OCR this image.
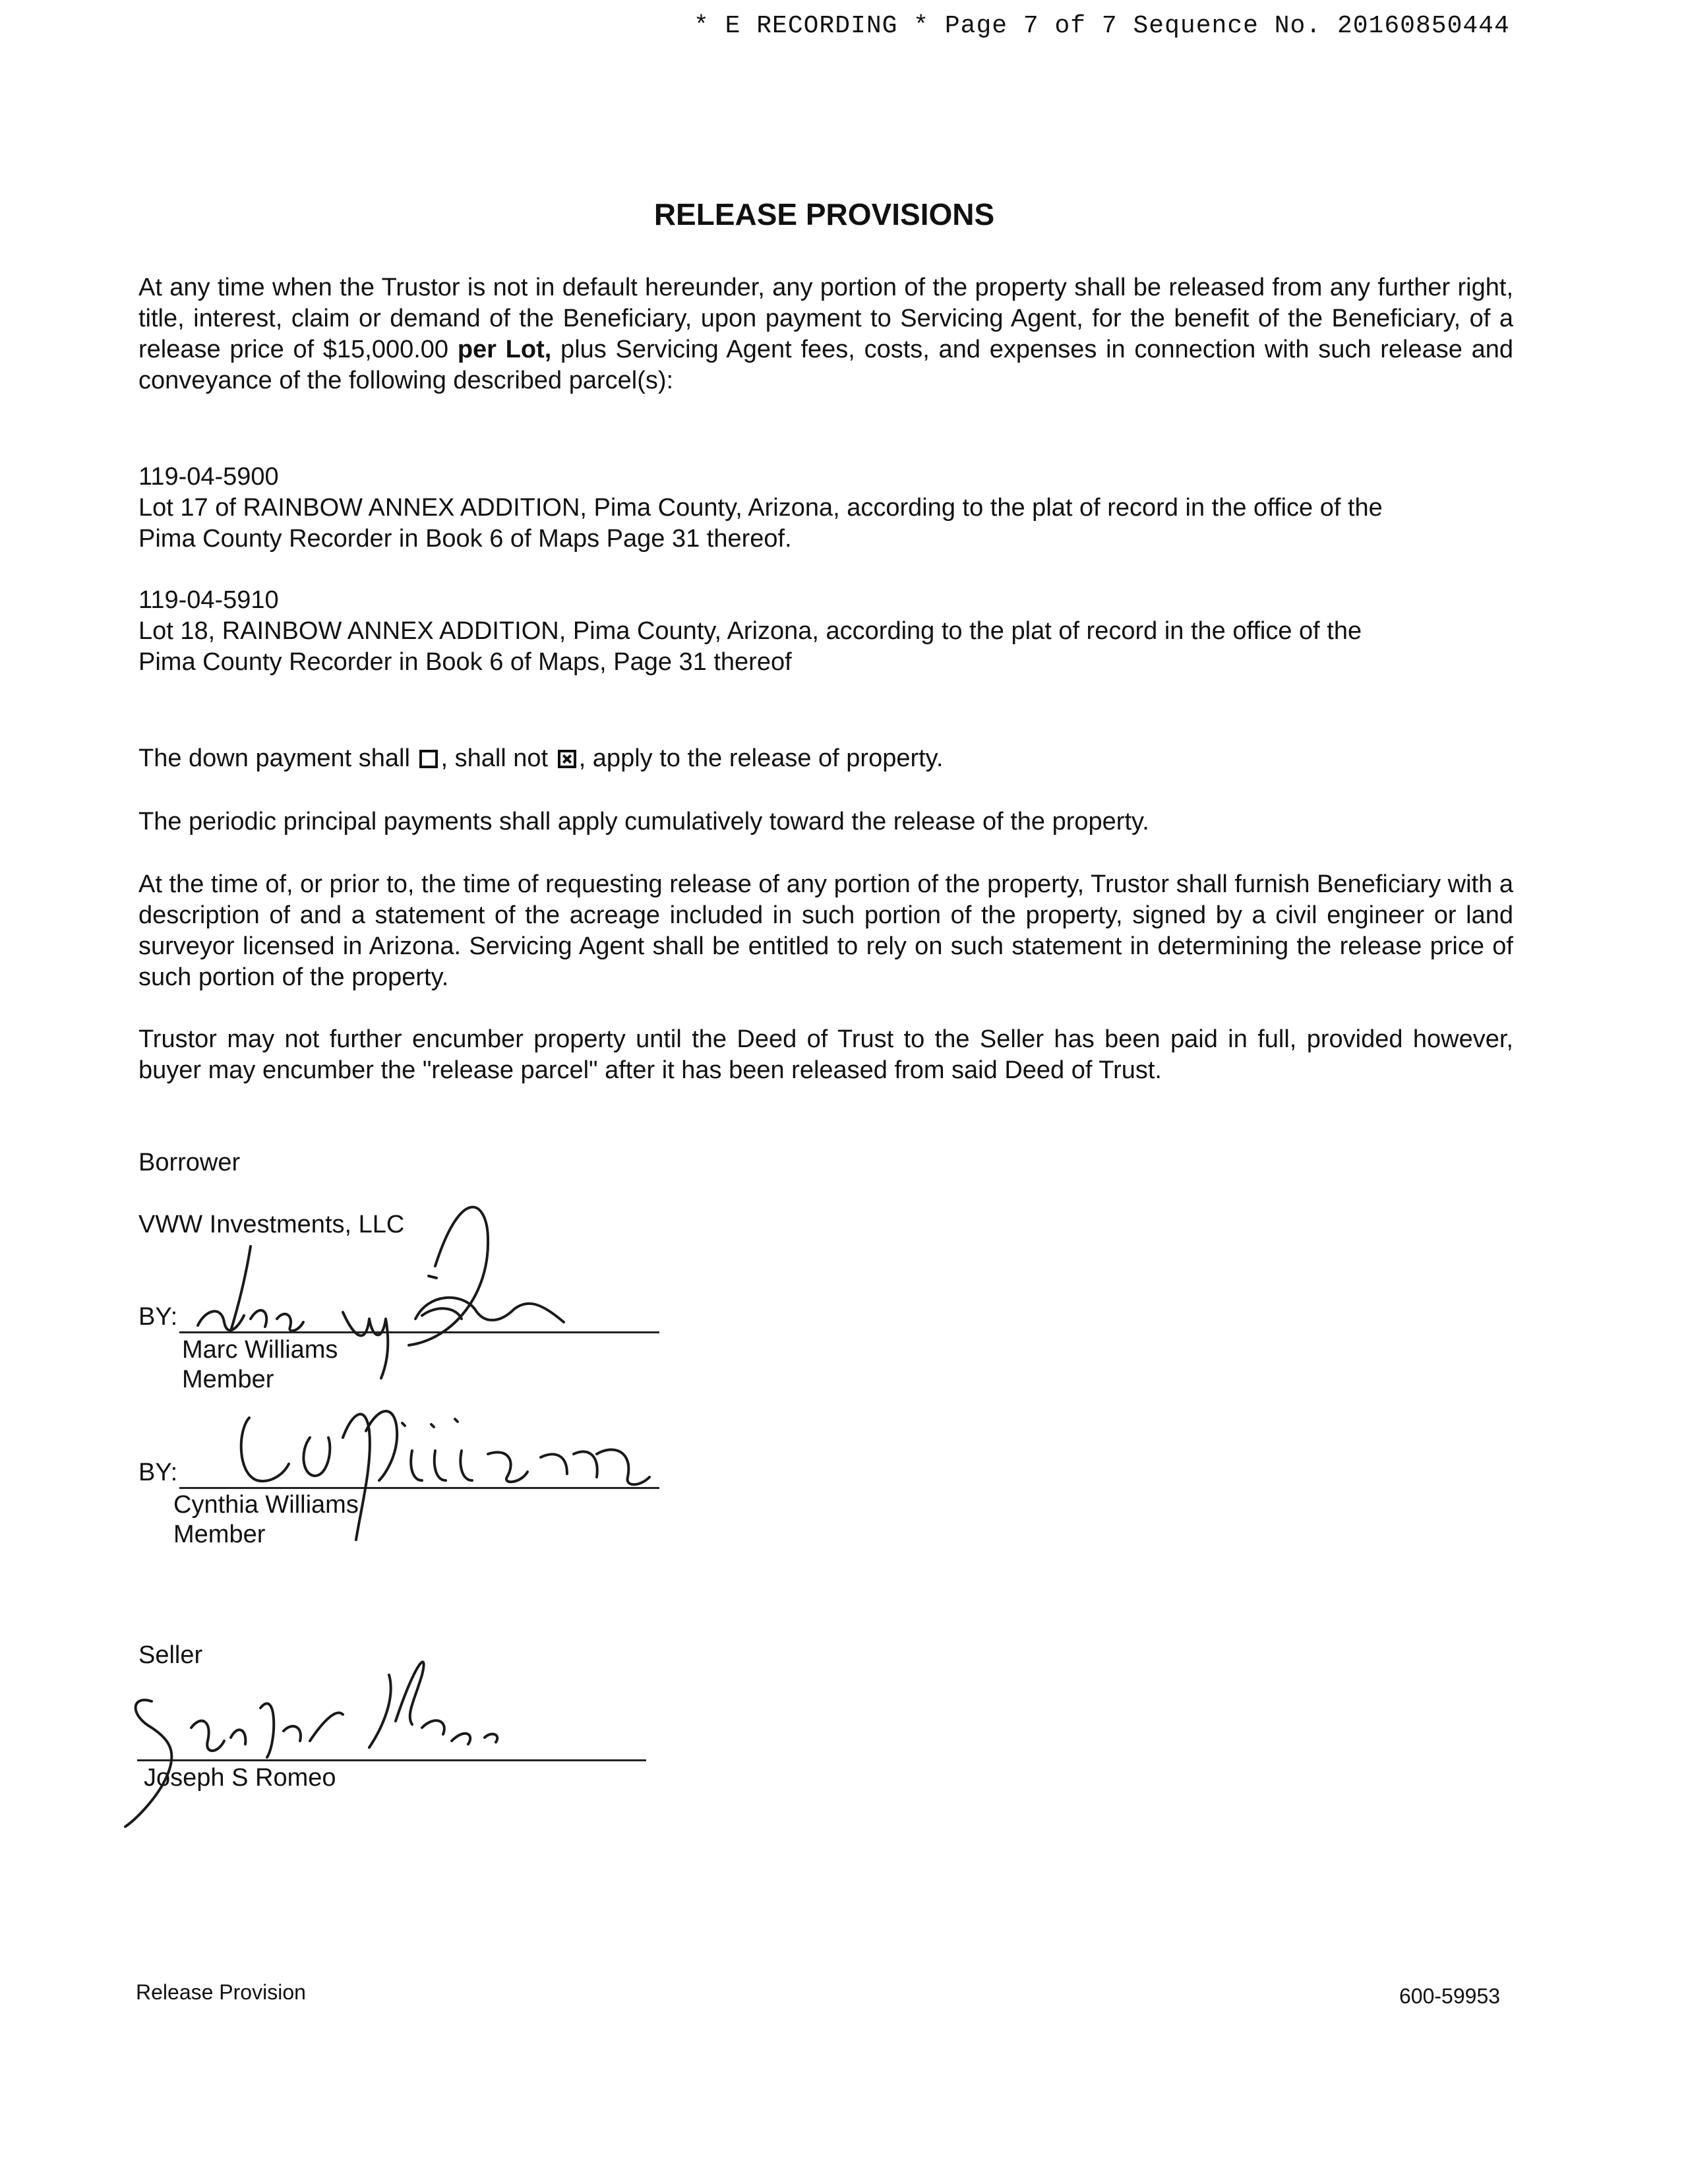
* E RECORDING * Page 7 of 7 Sequence No. 20160850444
RELEASE PROVISIONS
At any time when the Trustor is not in default hereunder, any portion of the property shall be released from any further right, title, interest, claim or demand of the Beneficiary, upon payment to Servicing Agent, for the benefit of the Beneficiary, of a release price of $15,000.00 per Lot, plus Servicing Agent fees, costs, and expenses in connection with such release and conveyance of the following described parcel(s):
119-04-5900
Lot 17 of RAINBOW ANNEX ADDITION, Pima County, Arizona, according to the plat of record in the office of the
Pima County Recorder in Book 6 of Maps Page 31 thereof.
119-04-5910
Lot 18, RAINBOW ANNEX ADDITION, Pima County, Arizona, according to the plat of record in the office of the
Pima County Recorder in Book 6 of Maps, Page 31 thereof
The down payment shall , shall not , apply to the release of property.
The periodic principal payments shall apply cumulatively toward the release of the property.
At the time of, or prior to, the time of requesting release of any portion of the property, Trustor shall furnish Beneficiary with a description of and a statement of the acreage included in such portion of the property, signed by a civil engineer or land surveyor licensed in Arizona. Servicing Agent shall be entitled to rely on such statement in determining the release price of such portion of the property.
Trustor may not further encumber property until the Deed of Trust to the Seller has been paid in full, provided however, buyer may encumber the "release parcel" after it has been released from said Deed of Trust.
Borrower
VWW Investments, LLC
BY:
Marc Williams
Member
BY:
Cynthia Williams
Member
Seller
Joseph S Romeo
Release Provision	600-59953
